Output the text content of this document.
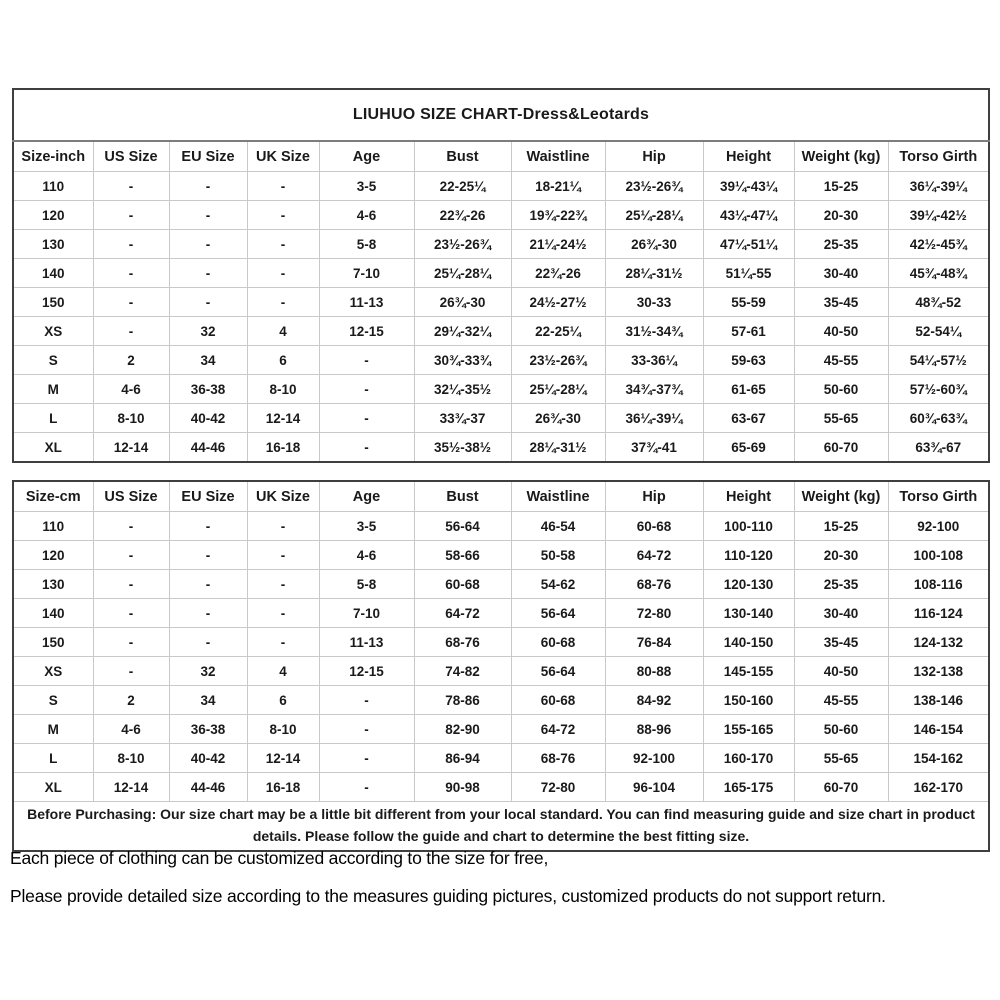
LIUHUO SIZE CHART-Dress&Leotards										
Size-inch	US Size	EU Size	UK Size	Age	Bust	Waistline	Hip	Height	Weight (kg)	Torso Girth
110	-	-	-	3-5	22-25¼	18-21¼	23½-26¾	39¼-43¼	15-25	36¼-39¼
120	-	-	-	4-6	22¾-26	19¾-22¾	25¼-28¼	43¼-47¼	20-30	39¼-42½
130	-	-	-	5-8	23½-26¾	21¼-24½	26¾-30	47¼-51¼	25-35	42½-45¾
140	-	-	-	7-10	25¼-28¼	22¾-26	28¼-31½	51¼-55	30-40	45¾-48¾
150	-	-	-	11-13	26¾-30	24½-27½	30-33	55-59	35-45	48¾-52
XS	-	32	4	12-15	29¼-32¼	22-25¼	31½-34¾	57-61	40-50	52-54¼
S	2	34	6	-	30¾-33¾	23½-26¾	33-36¼	59-63	45-55	54¼-57½
M	4-6	36-38	8-10	-	32¼-35½	25¼-28¼	34¾-37¾	61-65	50-60	57½-60¾
L	8-10	40-42	12-14	-	33¾-37	26¾-30	36¼-39¼	63-67	55-65	60¾-63¾
XL	12-14	44-46	16-18	-	35½-38½	28¼-31½	37¾-41	65-69	60-70	63¾-67
Size-cm	US Size	EU Size	UK Size	Age	Bust	Waistline	Hip	Height	Weight (kg)	Torso Girth
110	-	-	-	3-5	56-64	46-54	60-68	100-110	15-25	92-100
120	-	-	-	4-6	58-66	50-58	64-72	110-120	20-30	100-108
130	-	-	-	5-8	60-68	54-62	68-76	120-130	25-35	108-116
140	-	-	-	7-10	64-72	56-64	72-80	130-140	30-40	116-124
150	-	-	-	11-13	68-76	60-68	76-84	140-150	35-45	124-132
XS	-	32	4	12-15	74-82	56-64	80-88	145-155	40-50	132-138
S	2	34	6	-	78-86	60-68	84-92	150-160	45-55	138-146
M	4-6	36-38	8-10	-	82-90	64-72	88-96	155-165	50-60	146-154
L	8-10	40-42	12-14	-	86-94	68-76	92-100	160-170	55-65	154-162
XL	12-14	44-46	16-18	-	90-98	72-80	96-104	165-175	60-70	162-170
Before Purchasing: Our size chart may be a little bit different from your local standard. You can find measuring guide and size chart in product details. Please follow the guide and chart to determine the best fitting size.										

Each piece of clothing can be customized according to the size for free,

Please provide detailed size according to the measures guiding pictures, customized products do not support return.
